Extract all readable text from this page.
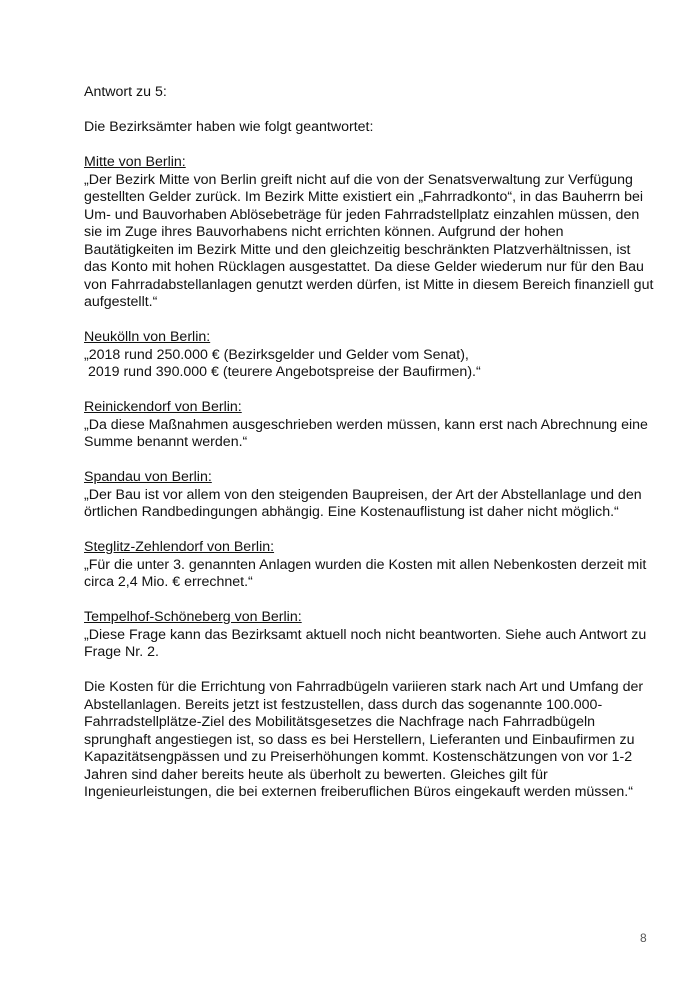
Antwort zu 5:

Die Bezirksämter haben wie folgt geantwortet:

Mitte von Berlin:
„Der Bezirk Mitte von Berlin greift nicht auf die von der Senatsverwaltung zur Verfügung
gestellten Gelder zurück. Im Bezirk Mitte existiert ein „Fahrradkonto“, in das Bauherrn bei
Um- und Bauvorhaben Ablösebeträge für jeden Fahrradstellplatz einzahlen müssen, den
sie im Zuge ihres Bauvorhabens nicht errichten können. Aufgrund der hohen
Bautätigkeiten im Bezirk Mitte und den gleichzeitig beschränkten Platzverhältnissen, ist
das Konto mit hohen Rücklagen ausgestattet. Da diese Gelder wiederum nur für den Bau
von Fahrradabstellanlagen genutzt werden dürfen, ist Mitte in diesem Bereich finanziell gut
aufgestellt.“
Neukölln von Berlin:
„2018 rund 250.000 € (Bezirksgelder und Gelder vom Senat),
2019 rund 390.000 € (teurere Angebotspreise der Baufirmen).“
Reinickendorf von Berlin:
„Da diese Maßnahmen ausgeschrieben werden müssen, kann erst nach Abrechnung eine
Summe benannt werden.“
Spandau von Berlin:
„Der Bau ist vor allem von den steigenden Baupreisen, der Art der Abstellanlage und den
örtlichen Randbedingungen abhängig. Eine Kostenauflistung ist daher nicht möglich.“
Steglitz-Zehlendorf von Berlin:
„Für die unter 3. genannten Anlagen wurden die Kosten mit allen Nebenkosten derzeit mit
circa 2,4 Mio. € errechnet.“
Tempelhof-Schöneberg von Berlin:
„Diese Frage kann das Bezirksamt aktuell noch nicht beantworten. Siehe auch Antwort zu
Frage Nr. 2.
Die Kosten für die Errichtung von Fahrradbügeln variieren stark nach Art und Umfang der
Abstellanlagen. Bereits jetzt ist festzustellen, dass durch das sogenannte 100.000-
Fahrradstellplätze-Ziel des Mobilitätsgesetzes die Nachfrage nach Fahrradbügeln
sprunghaft angestiegen ist, so dass es bei Herstellern, Lieferanten und Einbaufirmen zu
Kapazitätsengpässen und zu Preiserhöhungen kommt. Kostenschätzungen von vor 1-2
Jahren sind daher bereits heute als überholt zu bewerten. Gleiches gilt für
Ingenieurleistungen, die bei externen freiberuflichen Büros eingekauft werden müssen.“
8
